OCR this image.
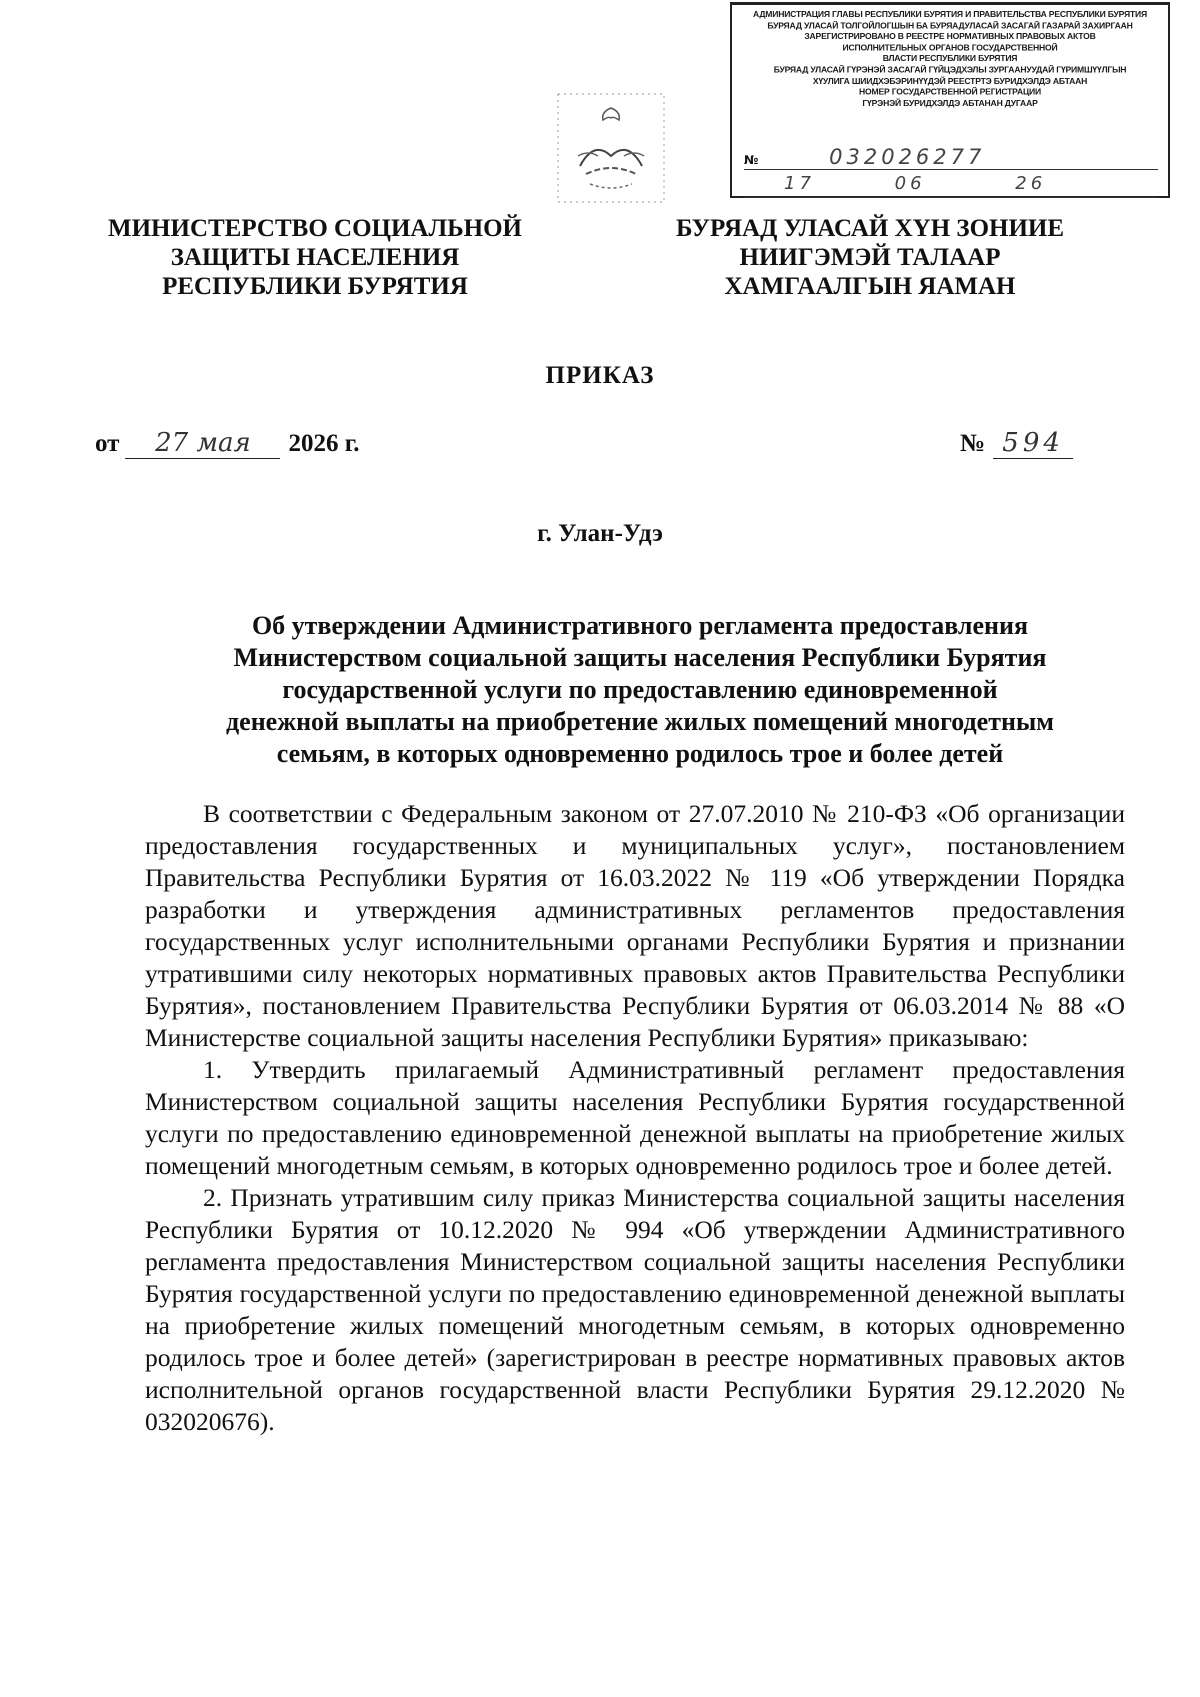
АДМИНИСТРАЦИЯ ГЛАВЫ РЕСПУБЛИКИ БУРЯТИЯ И ПРАВИТЕЛЬСТВА РЕСПУБЛИКИ БУРЯТИЯ
БУРЯАД УЛАСАЙ ТОЛГОЙЛОГШЫН БА БУРЯАДУЛАСАЙ ЗАСАГАЙ ГАЗАРАЙ ЗАХИРГААН
ЗАРЕГИСТРИРОВАНО В РЕЕСТРЕ НОРМАТИВНЫХ ПРАВОВЫХ АКТОВ
ИСПОЛНИТЕЛЬНЫХ ОРГАНОВ ГОСУДАРСТВЕННОЙ
ВЛАСТИ РЕСПУБЛИКИ БУРЯТИЯ
БУРЯАД УЛАСАЙ ГҮРЭНЭЙ ЗАСАГАЙ ГҮЙЦЭДХЭЛЫ ЗУРГААНУУДАЙ ГҮРИМШҮҮЛГЫН
ХҮУЛИГА ШИИДХЭБЭРИНҮҮДЭЙ РЕЕСТРТЭ БУРИДХЭЛДЭ АБТААН
НОМЕР ГОСУДАРСТВЕННОЙ РЕГИСТРАЦИИ
ГҮРЭНЭЙ БУРИДХЭЛДЭ АБТАНАН ДУГААР
№	032026277
17	06	26
МИНИСТЕРСТВО СОЦИАЛЬНОЙ
ЗАЩИТЫ НАСЕЛЕНИЯ
РЕСПУБЛИКИ БУРЯТИЯ
БУРЯАД УЛАСАЙ ХҮН ЗОНИИЕ
НИИГЭМЭЙ ТАЛААР
ХАМГААЛГЫН ЯАМАН
ПРИКАЗ
от 27 мая 2026 г.	№ 594
г. Улан-Удэ
Об утверждении Административного регламента предоставления
Министерством социальной защиты населения Республики Бурятия
государственной услуги по предоставлению единовременной
денежной выплаты на приобретение жилых помещений многодетным
семьям, в которых одновременно родилось трое и более детей

В соответствии с Федеральным законом от 27.07.2010 № 210-ФЗ «Об организации предоставления государственных и муниципальных услуг», постановлением Правительства Республики Бурятия от 16.03.2022 № 119 «Об утверждении Порядка разработки и утверждения административных регламентов предоставления государственных услуг исполнительными органами Республики Бурятия и признании утратившими силу некоторых нормативных правовых актов Правительства Республики Бурятия», постановлением Правительства Республики Бурятия от 06.03.2014 № 88 «О Министерстве социальной защиты населения Республики Бурятия» приказываю:

1. Утвердить прилагаемый Административный регламент предоставления Министерством социальной защиты населения Республики Бурятия государственной услуги по предоставлению единовременной денежной выплаты на приобретение жилых помещений многодетным семьям, в которых одновременно родилось трое и более детей.

2. Признать утратившим силу приказ Министерства социальной защиты населения Республики Бурятия от 10.12.2020 № 994 «Об утверждении Административного регламента предоставления Министерством социальной защиты населения Республики Бурятия государственной услуги по предоставлению единовременной денежной выплаты на приобретение жилых помещений многодетным семьям, в которых одновременно родилось трое и более детей» (зарегистрирован в реестре нормативных правовых актов исполнительной органов государственной власти Республики Бурятия 29.12.2020 № 032020676).
